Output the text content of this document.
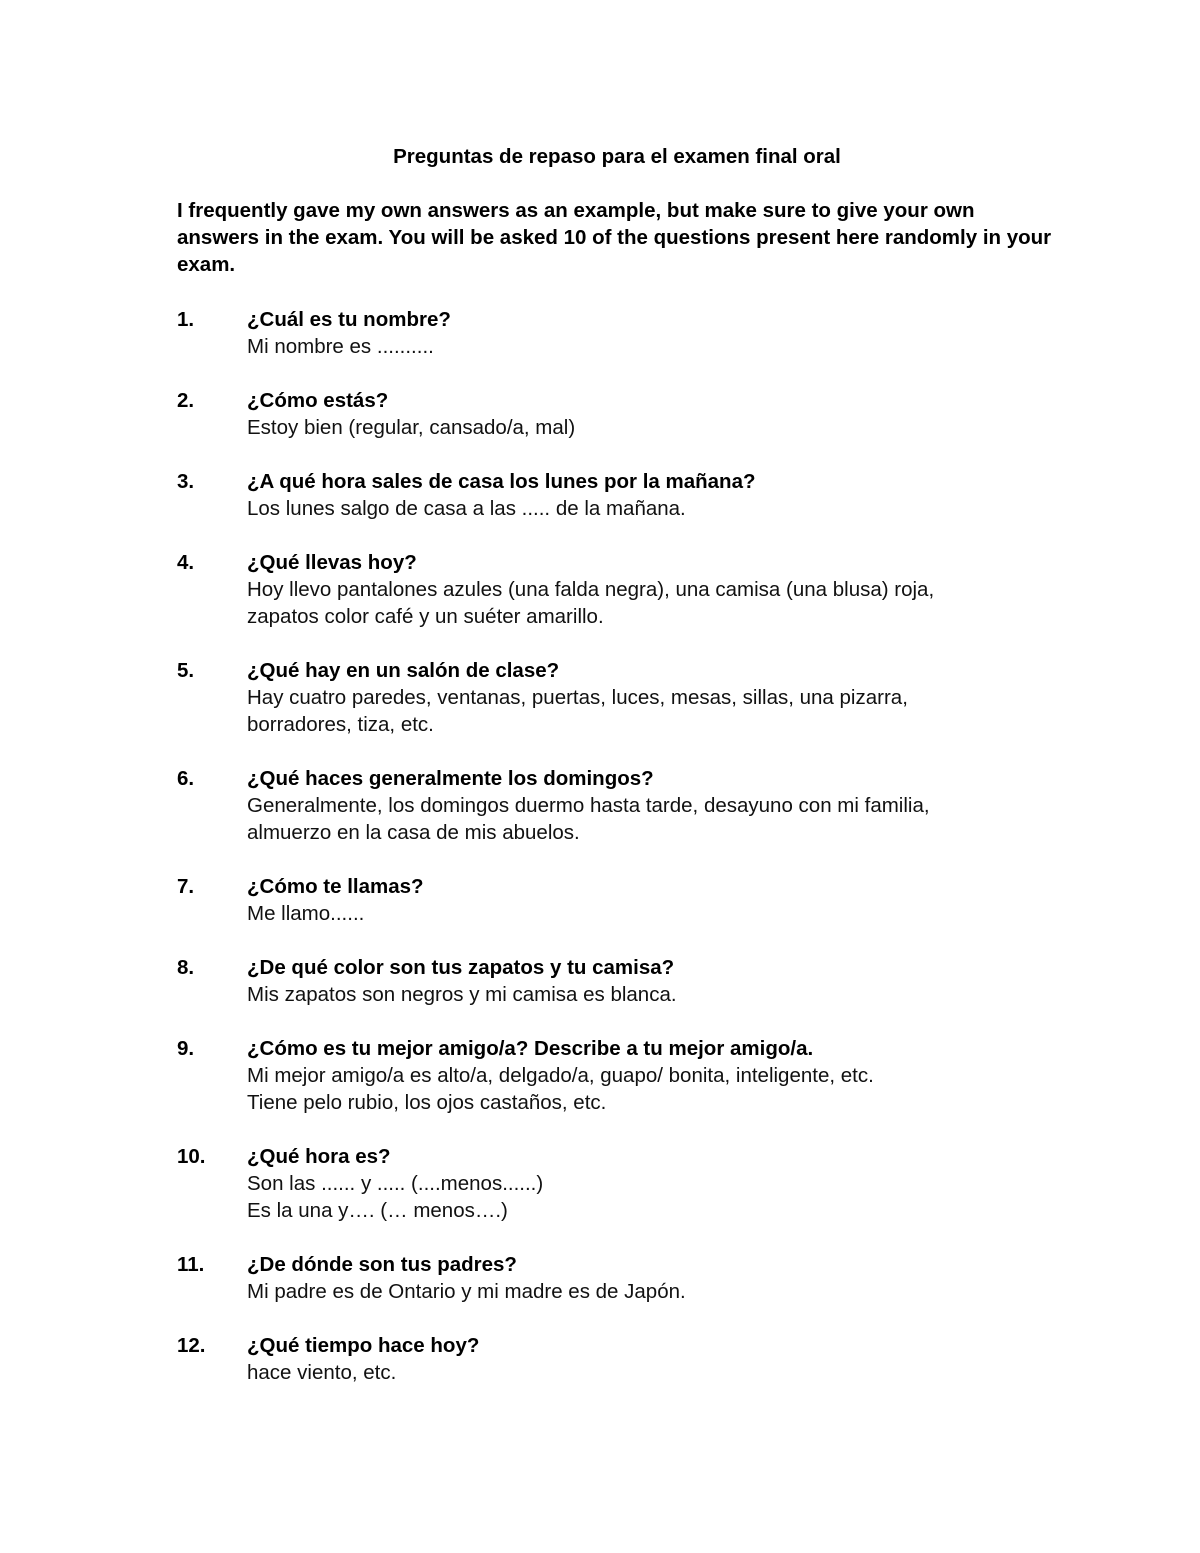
Preguntas de repaso para el examen final oral
I frequently gave my own answers as an example, but make sure to give your own answers in the exam. You will be asked 10 of the questions present here randomly in your exam.
1.	¿Cuál es tu nombre?
Mi nombre es ..........
2.	¿Cómo estás?
Estoy bien (regular, cansado/a, mal)
3.	¿A qué hora sales de casa los lunes por la mañana?
Los lunes salgo de casa a las ..... de la mañana.
4.	¿Qué llevas hoy?
Hoy llevo pantalones azules (una falda negra), una camisa (una blusa) roja,
zapatos color café y un suéter amarillo.
5.	¿Qué hay en un salón de clase?
Hay cuatro paredes, ventanas, puertas, luces, mesas, sillas, una pizarra,
borradores, tiza, etc.
6.	¿Qué haces generalmente los domingos?
Generalmente, los domingos duermo hasta tarde, desayuno con mi familia,
almuerzo en la casa de mis abuelos.
7.	¿Cómo te llamas?
Me llamo......
8.	¿De qué color son tus zapatos y tu camisa?
Mis zapatos son negros y mi camisa es blanca.
9.	¿Cómo es tu mejor amigo/a? Describe a tu mejor amigo/a.
Mi mejor amigo/a es alto/a, delgado/a, guapo/ bonita, inteligente, etc.
Tiene pelo rubio, los ojos castaños, etc.
10. ¿Qué hora es?
Son las ...... y ..... (....menos......)
Es la una y…. (… menos….)
11. ¿De dónde son tus padres?
Mi padre es de Ontario y mi madre es de Japón.
12. ¿Qué tiempo hace hoy?
hace viento, etc.
